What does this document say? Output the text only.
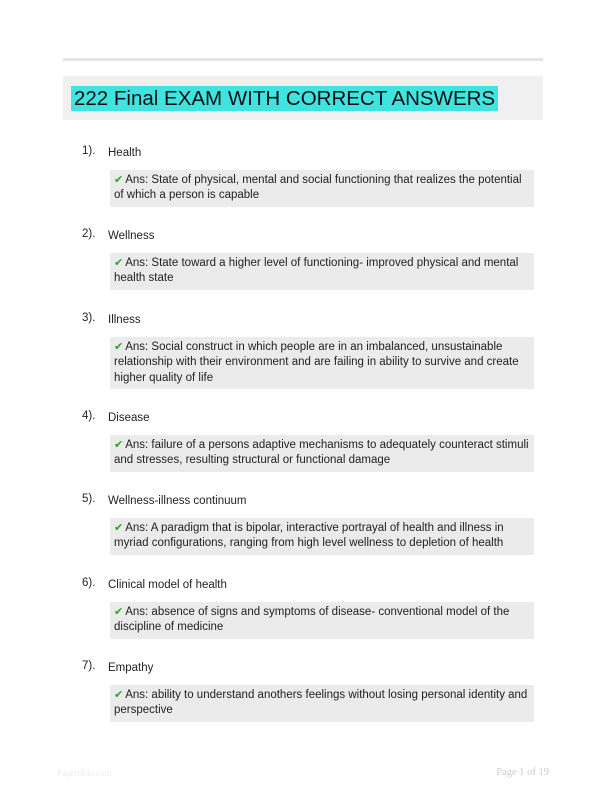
222 Final EXAM WITH CORRECT ANSWERS
1). Health
✔ Ans: State of physical, mental and social functioning that realizes the potential of which a person is capable
2). Wellness
✔ Ans: State toward a higher level of functioning- improved physical and mental health state
3). Illness
✔ Ans: Social construct in which people are in an imbalanced, unsustainable relationship with their environment and are failing in ability to survive and create higher quality of life
4). Disease
✔ Ans: failure of a persons adaptive mechanisms to adequately counteract stimuli and stresses, resulting structural or functional damage
5). Wellness-illness continuum
✔ Ans: A paradigm that is bipolar, interactive portrayal of health and illness in myriad configurations, ranging from high level wellness to depletion of health
6). Clinical model of health
✔ Ans: absence of signs and symptoms of disease- conventional model of the discipline of medicine
7). Empathy
✔ Ans: ability to understand anothers feelings without losing personal identity and perspective
Papertible.com	Page 1 of 19
